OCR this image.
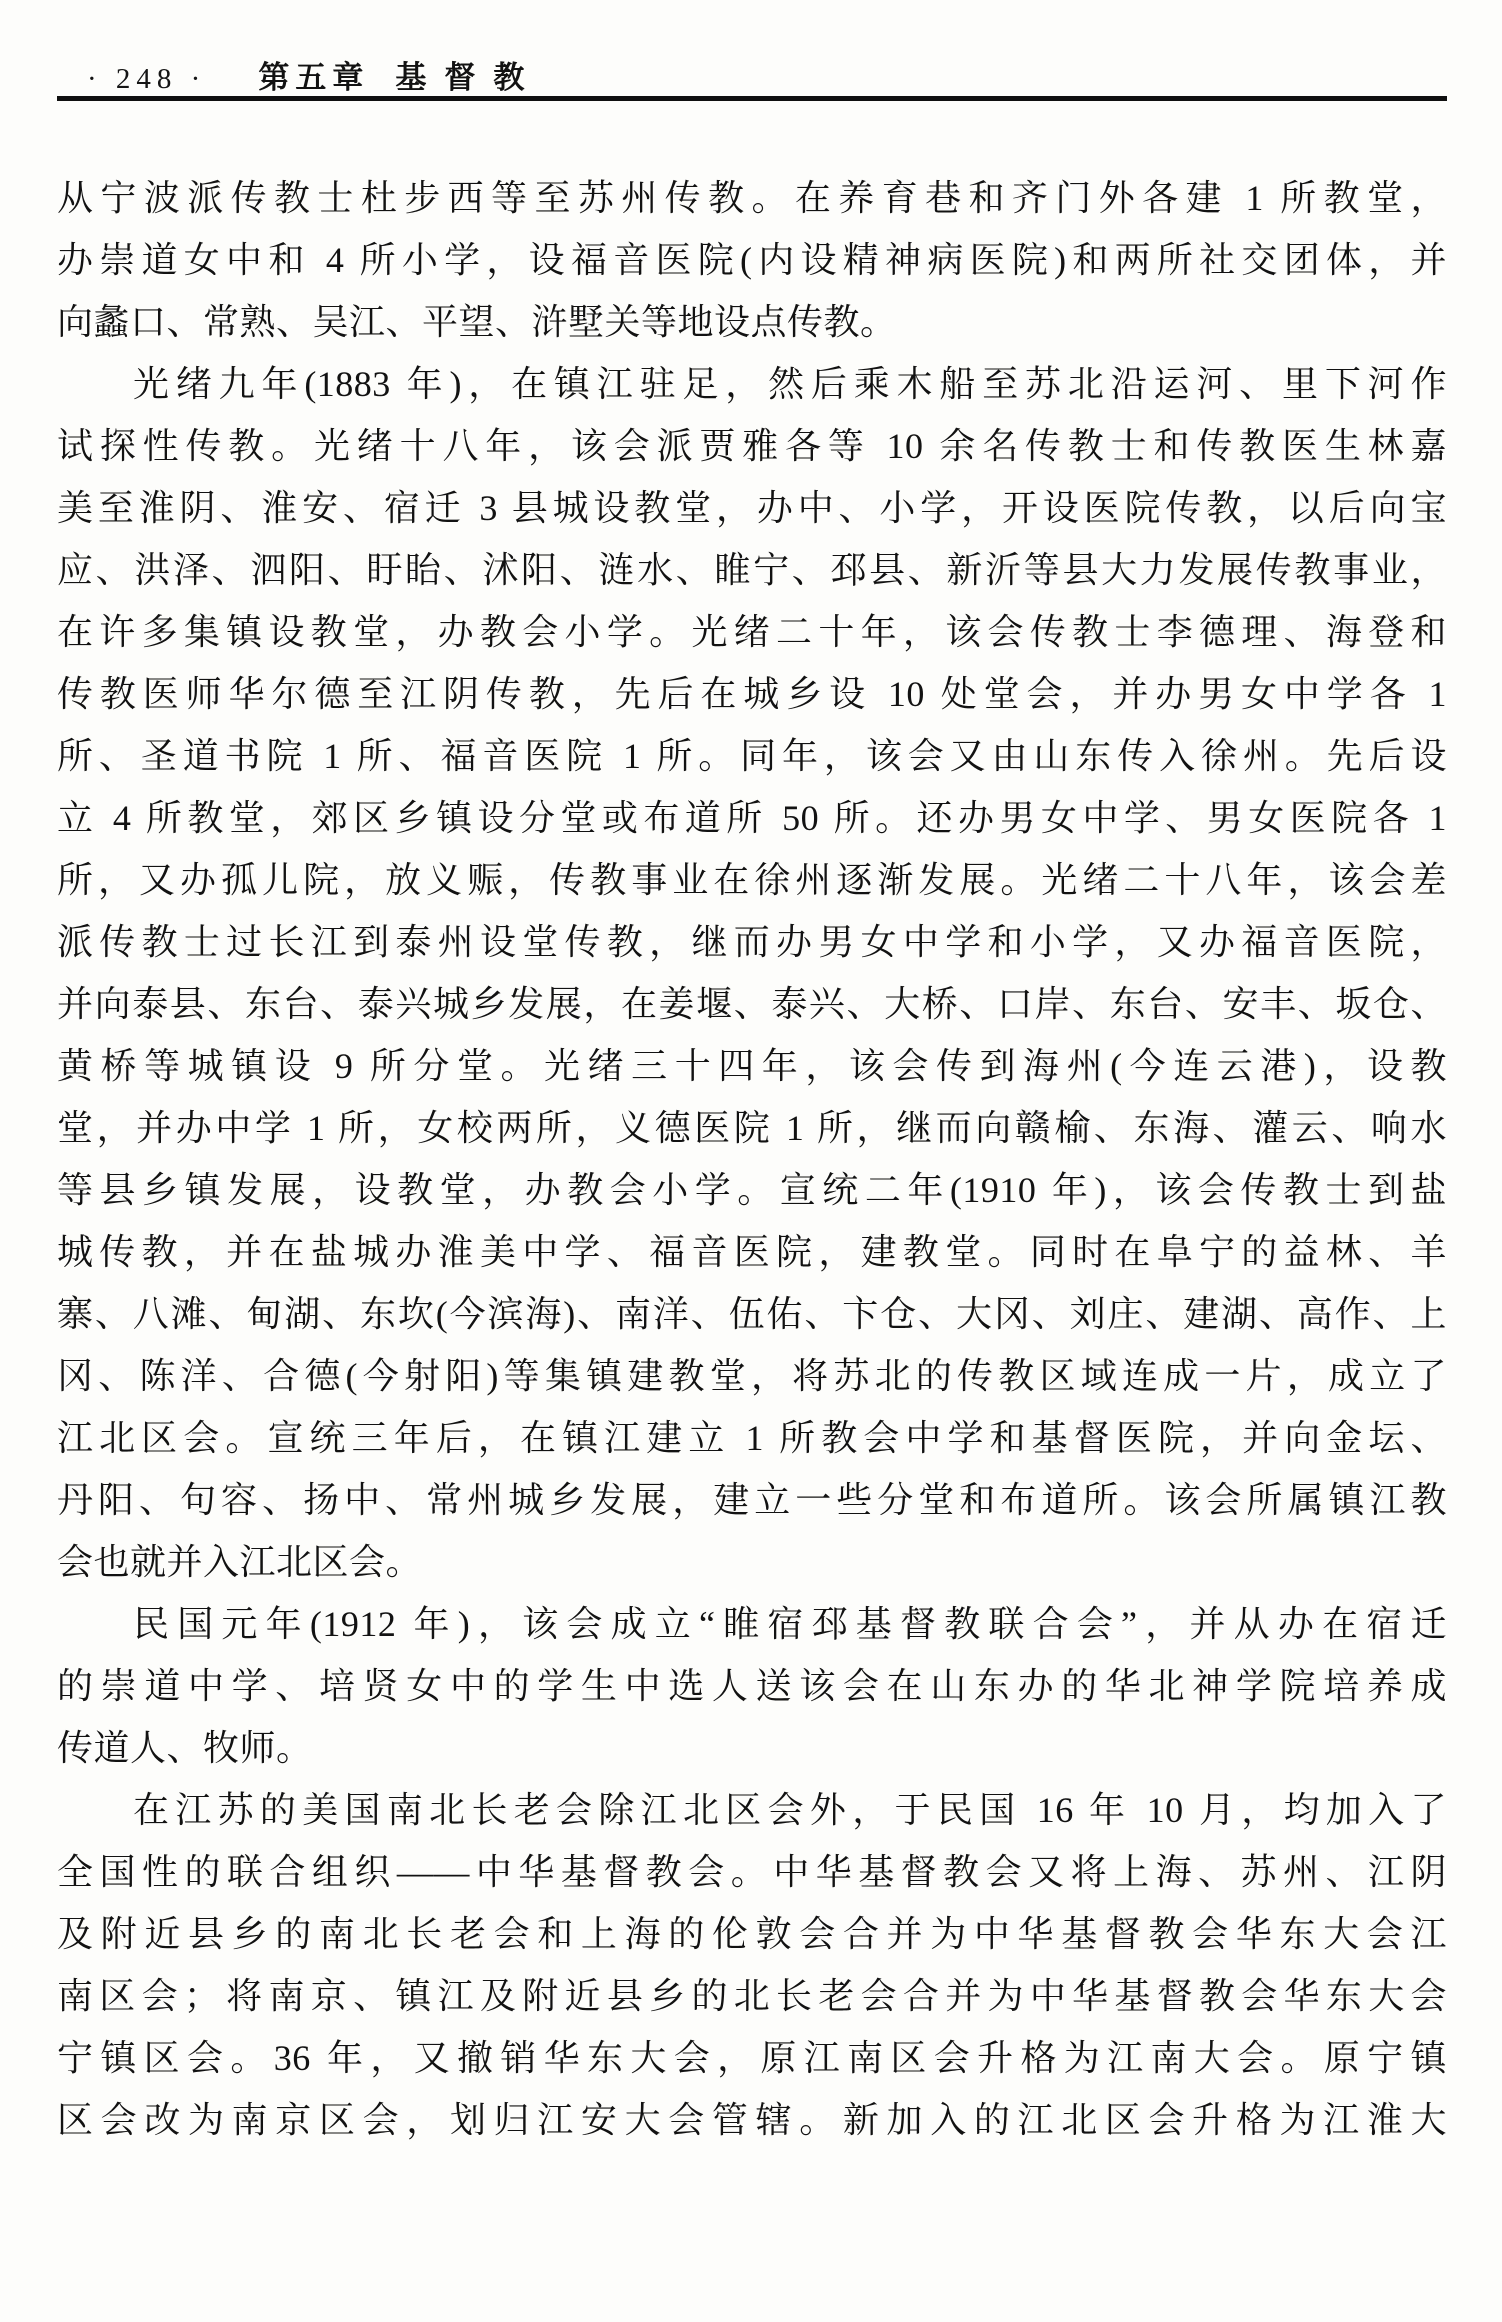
· 248 · 第五章 基督教
从宁波派传教士杜步西等至苏州传教。在养育巷和齐门外各建 1 所教堂，
办崇道女中和 4 所小学，设福音医院(内设精神病医院)和两所社交团体，并
向蠡口、常熟、吴江、平望、浒墅关等地设点传教。
光绪九年(1883 年)，在镇江驻足，然后乘木船至苏北沿运河、里下河作
试探性传教。光绪十八年，该会派贾雅各等 10 余名传教士和传教医生林嘉
美至淮阴、淮安、宿迁 3 县城设教堂，办中、小学，开设医院传教，以后向宝
应、洪泽、泗阳、盱眙、沭阳、涟水、睢宁、邳县、新沂等县大力发展传教事业，
在许多集镇设教堂，办教会小学。光绪二十年，该会传教士李德理、海登和
传教医师华尔德至江阴传教，先后在城乡设 10 处堂会，并办男女中学各 1
所、圣道书院 1 所、福音医院 1 所。同年，该会又由山东传入徐州。先后设
立 4 所教堂，郊区乡镇设分堂或布道所 50 所。还办男女中学、男女医院各 1
所，又办孤儿院，放义赈，传教事业在徐州逐渐发展。光绪二十八年，该会差
派传教士过长江到泰州设堂传教，继而办男女中学和小学，又办福音医院，
并向泰县、东台、泰兴城乡发展，在姜堰、泰兴、大桥、口岸、东台、安丰、坂仓、
黄桥等城镇设 9 所分堂。光绪三十四年，该会传到海州(今连云港)，设教
堂，并办中学 1 所，女校两所，义德医院 1 所，继而向赣榆、东海、灌云、响水
等县乡镇发展，设教堂，办教会小学。宣统二年(1910 年)，该会传教士到盐
城传教，并在盐城办淮美中学、福音医院，建教堂。同时在阜宁的益林、羊
寨、八滩、甸湖、东坎(今滨海)、南洋、伍佑、卞仓、大冈、刘庄、建湖、高作、上
冈、陈洋、合德(今射阳)等集镇建教堂，将苏北的传教区域连成一片，成立了
江北区会。宣统三年后，在镇江建立 1 所教会中学和基督医院，并向金坛、
丹阳、句容、扬中、常州城乡发展，建立一些分堂和布道所。该会所属镇江教
会也就并入江北区会。
民国元年(1912 年)，该会成立“睢宿邳基督教联合会”，并从办在宿迁
的崇道中学、培贤女中的学生中选人送该会在山东办的华北神学院培养成
传道人、牧师。
在江苏的美国南北长老会除江北区会外，于民国 16 年 10 月，均加入了
全国性的联合组织——中华基督教会。中华基督教会又将上海、苏州、江阴
及附近县乡的南北长老会和上海的伦敦会合并为中华基督教会华东大会江
南区会；将南京、镇江及附近县乡的北长老会合并为中华基督教会华东大会
宁镇区会。36 年，又撤销华东大会，原江南区会升格为江南大会。原宁镇
区会改为南京区会，划归江安大会管辖。新加入的江北区会升格为江淮大
